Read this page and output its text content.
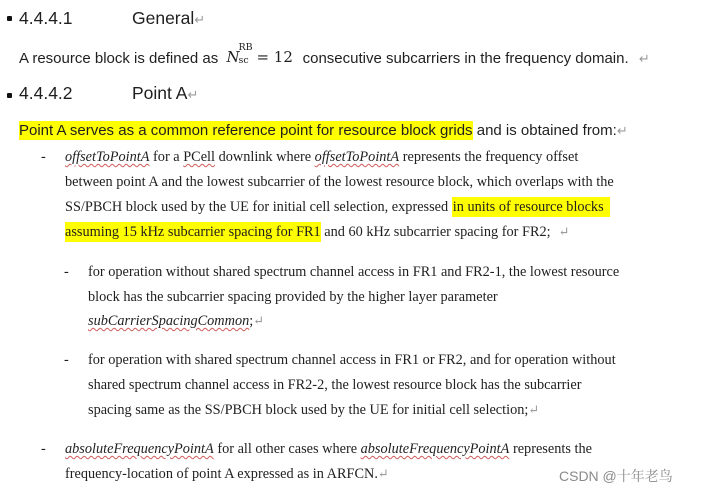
4.4.4.1	General↵
A resource block is defined as N
RB
sc = 12 consecutive subcarriers in the frequency domain. ↵
4.4.4.2	Point A↵
Point A serves as a common reference point for resource block grids and is obtained from:↵
- offsetToPointA for a PCell downlink where offsetToPointA represents the frequency offset
between point A and the lowest subcarrier of the lowest resource block, which overlaps with the
SS/PBCH block used by the UE for initial cell selection, expressed in units of resource blocks
assuming 15 kHz subcarrier spacing for FR1 and 60 kHz subcarrier spacing for FR2; ↵
- for operation without shared spectrum channel access in FR1 and FR2-1, the lowest resource
block has the subcarrier spacing provided by the higher layer parameter
subCarrierSpacingCommon;↵
- for operation with shared spectrum channel access in FR1 or FR2, and for operation without
shared spectrum channel access in FR2-2, the lowest resource block has the subcarrier
spacing same as the SS/PBCH block used by the UE for initial cell selection;↵
- absoluteFrequencyPointA for all other cases where absoluteFrequencyPointA represents the
frequency-location of point A expressed as in ARFCN.↵	CSDN @十年老鸟
